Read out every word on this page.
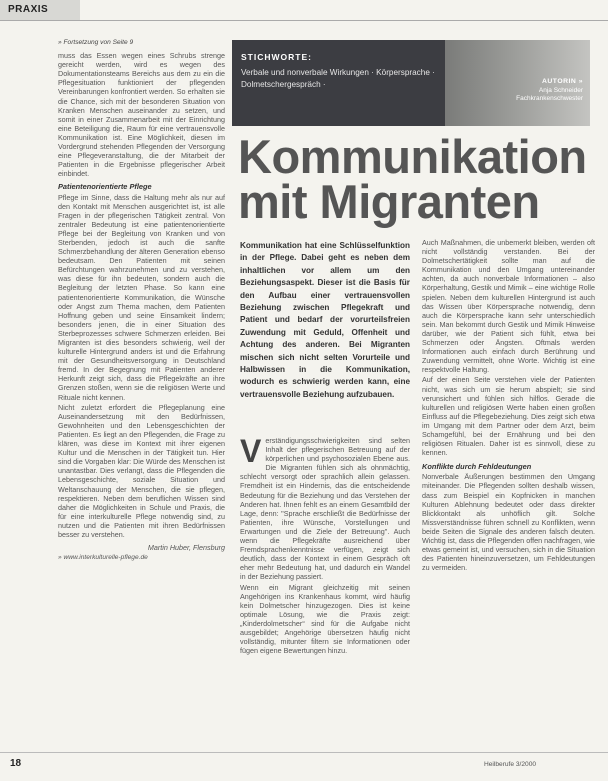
PRAXIS

» Fortsetzung von Seite 9

muss das Essen wegen eines Schrubs strenge gereicht werden, wird es wegen des Dokumentationsteams Bereichs aus dem zu ein die Pflegesituation funktioniert der pflegenden Vereinbarungen konfrontiert werden. So erhalten sie die Chance, sich mit der besonderen Situation von Kranken Menschen auseinander zu setzen, und somit in einer Zusammenarbeit mit der Einrichtung eine Beteiligung die, Raum für eine vertrauensvolle Kommunikation ist. Eine Möglichkeit, diesen im Vordergrund stehenden Pflegenden der Versorgung eine Pflegeveranstaltung, die der Mitarbeit der Patienten in die Ergebnisse pflegerischer Arbeit einbindet.

Patientenorientierte Pflege

Pflege im Sinne, dass die Haltung mehr als nur auf den Kontakt mit Menschen ausgerichtet ist, ist alle Fragen in der pflegerischen Tätigkeit zentral. Von zentraler Bedeutung ist eine patientenorientierte Pflege bei der Begleitung von Kranken und von Sterbenden, jedoch ist auch die sanfte Schmerzbehandlung der älteren Generation ebenso bedeutsam. Den Patienten mit seinen Befürchtungen wahrzunehmen und zu verstehen, was diese für ihn bedeuten, sondern auch die Begleitung der letzten Phase. So kann eine patientenorientierte Kommunikation, die Wünsche oder Angst zum Thema machen, dem Patienten Hoffnung geben und seine Einsamkeit lindern; besonders jenen, die in einer Situation des Sterbeprozesses schwere Schmerzen erleiden. Bei Migranten ist dies besonders schwierig, weil der kulturelle Hintergrund anders ist und die Erfahrung mit der Gesundheitsversorgung in Deutschland fremd. In der Begegnung mit Patienten anderer Herkunft zeigt sich, dass die Pflegekräfte an ihre Grenzen stoßen, wenn sie die religiösen Werte und Rituale nicht kennen.

Nicht zuletzt erfordert die Pflegeplanung eine Auseinandersetzung mit den Bedürfnissen, Gewohnheiten und den Lebensgeschichten der Patienten. Es liegt an den Pflegenden, die Frage zu klären, was diese im Kontext mit ihrer eigenen Kultur und die Menschen in der Tätigkeit tun. Hier sind die Vorgaben klar: Die Würde des Menschen ist unantastbar. Dies verlangt, dass die Pflegenden die Lebensgeschichte, soziale Situation und Weltanschauung der Menschen, die sie pflegen, respektieren. Neben dem beruflichen Wissen sind daher die Möglichkeiten in Schule und Praxis, die für eine interkulturelle Pflege notwendig sind, zu nutzen und die Patienten mit ihren Bedürfnissen besser zu verstehen.

Martin Huber, Flensburg

» www.interkulturelle-pflege.de

STICHWORTE:
Verbale und nonverbale Wirkungen · Körpersprache · Dolmetschergespräch ·	AUTORIN »
Anja Schneider
Fachkrankenschwester
Kommunikation
mit Migranten
Kommunikation hat eine Schlüsselfunktion in der Pflege. Dabei geht es neben dem inhaltlichen vor allem um den Beziehungsaspekt. Dieser ist die Basis für den Aufbau einer vertrauensvollen Beziehung zwischen Pflegekraft und Patient und bedarf der vorurteilsfreien Zuwendung mit Geduld, Offenheit und Achtung des anderen. Bei Migranten mischen sich nicht selten Vorurteile und Halbwissen in die Kommunikation, wodurch es schwierig werden kann, eine vertrauensvolle Beziehung aufzubauen.
V erständigungsschwierigkeiten sind selten Inhalt der pflegerischen Betreuung auf der körperlichen und psychosozialen Ebene aus. Die Migranten fühlen sich als ohnmächtig, schlecht versorgt oder sprachlich allein gelassen. Fremdheit ist ein Hindernis, das die entscheidende Bedeutung für die Beziehung und das Verstehen der Anderen hat. Ihnen fehlt es an einem Gesamtbild der Lage, denn: "Sprache erschließt die Bedürfnisse der Patienten, ihre Wünsche, Vorstellungen und Erwartungen und die Ziele der Betreuung". Auch wenn die Pflegekräfte ausreichend über Fremdsprachenkenntnisse verfügen, zeigt sich deutlich, dass der Kontext in einem Gespräch oft eher mehr Bedeutung hat, und dadurch ein Wandel in der Beziehung passiert.

Wenn ein Migrant gleichzeitig mit seinen Angehörigen ins Krankenhaus kommt, wird häufig kein Dolmetscher hinzugezogen. Dies ist keine optimale Lösung, wie die Praxis zeigt: „Kinderdolmetscher“ sind für die Aufgabe nicht ausgebildet; Angehörige übersetzen häufig nicht vollständig, mitunter filtern sie Informationen oder fügen eigene Bewertungen hinzu.

Auch Maßnahmen, die unbemerkt bleiben, werden oft nicht vollständig verstanden. Bei der Dolmetschertätigkeit sollte man auf die Kommunikation und den Umgang untereinander achten, da auch nonverbale Informationen – also Körperhaltung, Gestik und Mimik – eine wichtige Rolle spielen. Neben dem kulturellen Hintergrund ist auch das Wissen über Körpersprache notwendig, denn auch die Körpersprache kann sehr unterschiedlich sein. Man bekommt durch Gestik und Mimik Hinweise darüber, wie der Patient sich fühlt, etwa bei Schmerzen oder Ängsten. Oftmals werden Informationen auch einfach durch Berührung und Zuwendung vermittelt, ohne Worte. Wichtig ist eine respektvolle Haltung.

Auf der einen Seite verstehen viele der Patienten nicht, was sich um sie herum abspielt; sie sind verunsichert und fühlen sich hilflos. Gerade die kulturellen und religiösen Werte haben einen großen Einfluss auf die Pflegebeziehung. Dies zeigt sich etwa im Umgang mit dem Partner oder dem Arzt, beim Schamgefühl, bei der Ernährung und bei den religiösen Ritualen. Daher ist es sinnvoll, diese zu kennen.

Konflikte durch Fehldeutungen

Nonverbale Äußerungen bestimmen den Umgang miteinander. Die Pflegenden sollten deshalb wissen, dass zum Beispiel ein Kopfnicken in manchen Kulturen Ablehnung bedeutet oder dass direkter Blickkontakt als unhöflich gilt. Solche Missverständnisse führen schnell zu Konflikten, wenn beide Seiten die Signale des anderen falsch deuten. Wichtig ist, dass die Pflegenden offen nachfragen, wie etwas gemeint ist, und versuchen, sich in die Situation des Patienten hineinzuversetzen, um Fehldeutungen zu vermeiden.

18	Heilberufe 3/2000
